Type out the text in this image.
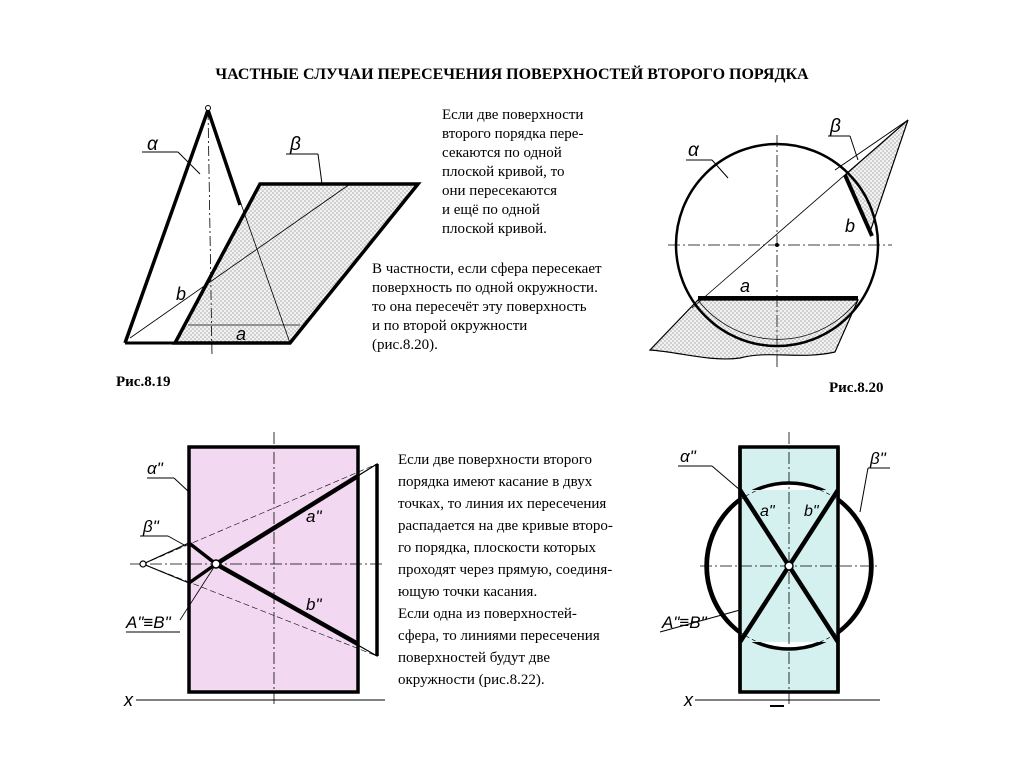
ЧАСТНЫЕ СЛУЧАИ ПЕРЕСЕЧЕНИЯ ПОВЕРХНОСТЕЙ ВТОРОГО ПОРЯДКА
α	β
b
a
α
β
b
a
α"
β"
a"
b"
A"≡B"
x
α"	β"
a" b"
A"≡B"
x
Если две поверхности
второго порядка пере-
секаются по одной
плоской кривой, то
они пересекаются
и ещё по одной
плоской кривой.
В частности, если сфера пересекает
поверхность по одной окружности.
то она пересечёт эту поверхность
и по второй окружности
(рис.8.20).
Если две поверхности второго
порядка имеют касание в двух
точках, то линия их пересечения
распадается на две кривые второ-
го порядка, плоскости которых
проходят через прямую, соединя-
ющую точки касания.
Если одна из поверхностей-
сфера, то линиями пересечения
поверхностей будут две
окружности (рис.8.22).
Рис.8.19	Рис.8.20
